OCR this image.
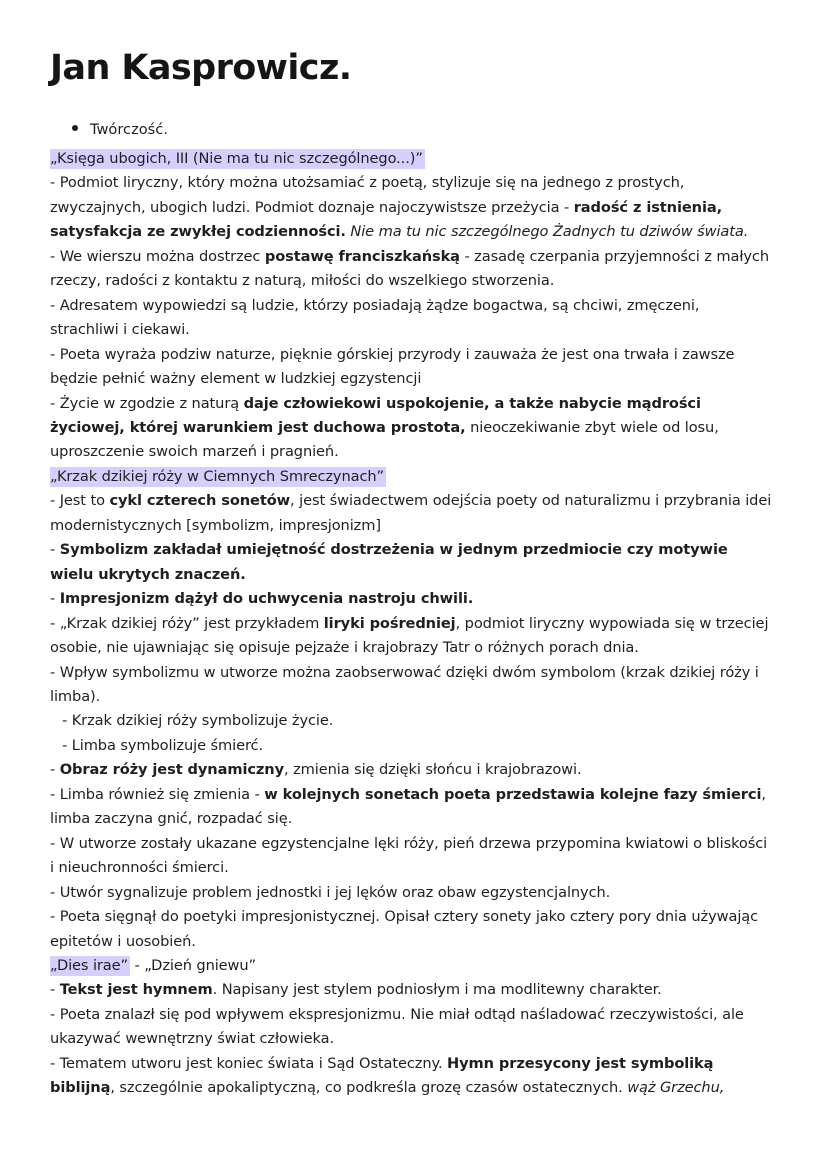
Jan Kasprowicz.
Twórczość.

„Księga ubogich, III (Nie ma tu nic szczególnego...)”

- Podmiot liryczny, który można utożsamiać z poetą, stylizuje się na jednego z prostych, zwyczajnych, ubogich ludzi. Podmiot doznaje najoczywistsze przeżycia - radość z istnienia, satysfakcja ze zwykłej codzienności. Nie ma tu nic szczególnego Żadnych tu dziwów świata.

- We wierszu można dostrzec postawę franciszkańską - zasadę czerpania przyjemności z małych rzeczy, radości z kontaktu z naturą, miłości do wszelkiego stworzenia.

- Adresatem wypowiedzi są ludzie, którzy posiadają żądze bogactwa, są chciwi, zmęczeni, strachliwi i ciekawi.

- Poeta wyraża podziw naturze, pięknie górskiej przyrody i zauważa że jest ona trwała i zawsze będzie pełnić ważny element w ludzkiej egzystencji

- Życie w zgodzie z naturą daje człowiekowi uspokojenie, a także nabycie mądrości życiowej, której warunkiem jest duchowa prostota, nieoczekiwanie zbyt wiele od losu, uproszczenie swoich marzeń i pragnień.

„Krzak dzikiej róży w Ciemnych Smreczynach”

- Jest to cykl czterech sonetów, jest świadectwem odejścia poety od naturalizmu i przybrania idei modernistycznych [symbolizm, impresjonizm]

- Symbolizm zakładał umiejętność dostrzeżenia w jednym przedmiocie czy motywie wielu ukrytych znaczeń.

- Impresjonizm dążył do uchwycenia nastroju chwili.

- „Krzak dzikiej róży” jest przykładem liryki pośredniej, podmiot liryczny wypowiada się w trzeciej osobie, nie ujawniając się opisuje pejzaże i krajobrazy Tatr o różnych porach dnia.

- Wpływ symbolizmu w utworze można zaobserwować dzięki dwóm symbolom (krzak dzikiej róży i limba).

- Krzak dzikiej róży symbolizuje życie.

- Limba symbolizuje śmierć.

- Obraz róży jest dynamiczny, zmienia się dzięki słońcu i krajobrazowi.

- Limba również się zmienia - w kolejnych sonetach poeta przedstawia kolejne fazy śmierci, limba zaczyna gnić, rozpadać się.

- W utworze zostały ukazane egzystencjalne lęki róży, pień drzewa przypomina kwiatowi o bliskości i nieuchronności śmierci.

- Utwór sygnalizuje problem jednostki i jej lęków oraz obaw egzystencjalnych.

- Poeta sięgnął do poetyki impresjonistycznej. Opisał cztery sonety jako cztery pory dnia używając epitetów i uosobień.

„Dies irae” - „Dzień gniewu”

- Tekst jest hymnem. Napisany jest stylem podniosłym i ma modlitewny charakter.

- Poeta znalazł się pod wpływem ekspresjonizmu. Nie miał odtąd naśladować rzeczywistości, ale ukazywać wewnętrzny świat człowieka.

- Tematem utworu jest koniec świata i Sąd Ostateczny. Hymn przesycony jest symboliką biblijną, szczególnie apokaliptyczną, co podkreśla grozę czasów ostatecznych. wąż Grzechu,
